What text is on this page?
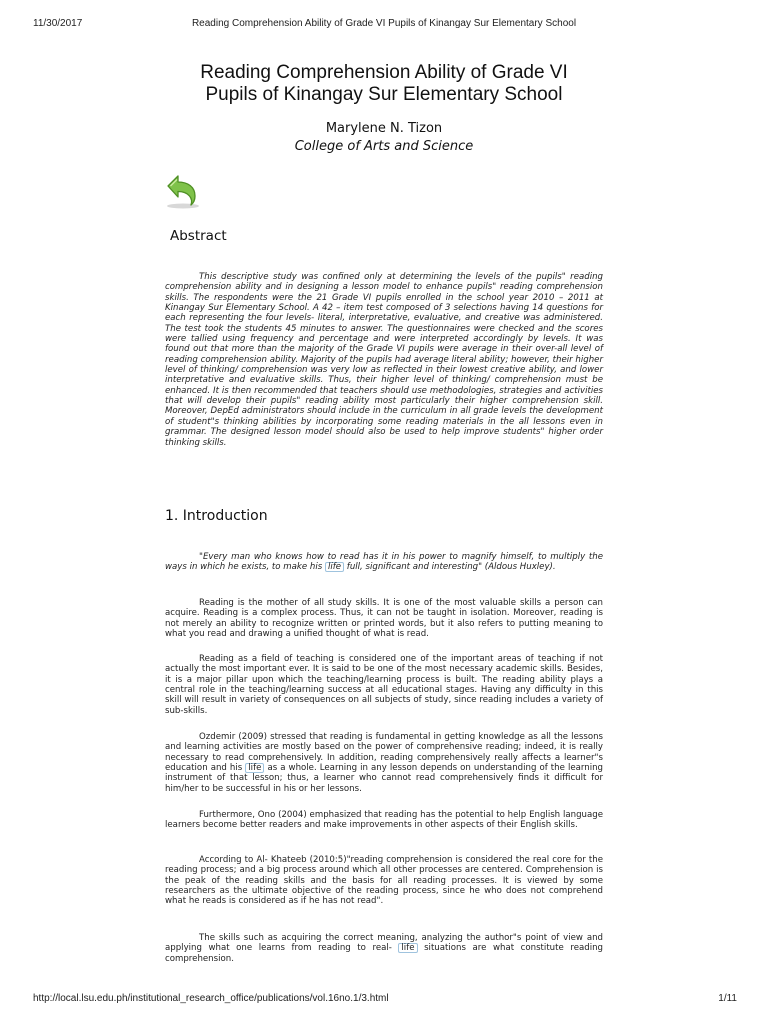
11/30/2017	Reading Comprehension Ability of Grade VI Pupils of Kinangay Sur Elementary School
Reading Comprehension Ability of Grade VI
Pupils of Kinangay Sur Elementary School
Marylene N. Tizon
College of Arts and Science
Abstract

This descriptive study was confined only at determining the levels of the pupils" reading comprehension ability and in designing a lesson model to enhance pupils" reading comprehension skills. The respondents were the 21 Grade VI pupils enrolled in the school year 2010 – 2011 at Kinangay Sur Elementary School. A 42 – item test composed of 3 selections having 14 questions for each representing the four levels- literal, interpretative, evaluative, and creative was administered. The test took the students 45 minutes to answer. The questionnaires were checked and the scores were tallied using frequency and percentage and were interpreted accordingly by levels. It was found out that more than the majority of the Grade VI pupils were average in their over-all level of reading comprehension ability. Majority of the pupils had average literal ability; however, their higher level of thinking/ comprehension was very low as reflected in their lowest creative ability, and lower interpretative and evaluative skills. Thus, their higher level of thinking/ comprehension must be enhanced. It is then recommended that teachers should use methodologies, strategies and activities that will develop their pupils" reading ability most particularly their higher comprehension skill. Moreover, DepEd administrators should include in the curriculum in all grade levels the development of student"s thinking abilities by incorporating some reading materials in the all lessons even in grammar. The designed lesson model should also be used to help improve students" higher order thinking skills.

1. Introduction

"Every man who knows how to read has it in his power to magnify himself, to multiply the ways in which he exists, to make his life full, significant and interesting" (Aldous Huxley).

Reading is the mother of all study skills. It is one of the most valuable skills a person can acquire. Reading is a complex process. Thus, it can not be taught in isolation. Moreover, reading is not merely an ability to recognize written or printed words, but it also refers to putting meaning to what you read and drawing a unified thought of what is read.

Reading as a field of teaching is considered one of the important areas of teaching if not actually the most important ever. It is said to be one of the most necessary academic skills. Besides, it is a major pillar upon which the teaching/learning process is built. The reading ability plays a central role in the teaching/learning success at all educational stages. Having any difficulty in this skill will result in variety of consequences on all subjects of study, since reading includes a variety of sub-skills.

Ozdemir (2009) stressed that reading is fundamental in getting knowledge as all the lessons and learning activities are mostly based on the power of comprehensive reading; indeed, it is really necessary to read comprehensively. In addition, reading comprehensively really affects a learner"s education and his life as a whole. Learning in any lesson depends on understanding of the learning instrument of that lesson; thus, a learner who cannot read comprehensively finds it difficult for him/her to be successful in his or her lessons.

Furthermore, Ono (2004) emphasized that reading has the potential to help English language learners become better readers and make improvements in other aspects of their English skills.

According to Al- Khateeb (2010:5)"reading comprehension is considered the real core for the reading process; and a big process around which all other processes are centered. Comprehension is the peak of the reading skills and the basis for all reading processes. It is viewed by some researchers as the ultimate objective of the reading process, since he who does not comprehend what he reads is considered as if he has not read".

The skills such as acquiring the correct meaning, analyzing the author"s point of view and applying what one learns from reading to real- life situations are what constitute reading comprehension.

http://local.lsu.edu.ph/institutional_research_office/publications/vol.16no.1/3.html	1/11
